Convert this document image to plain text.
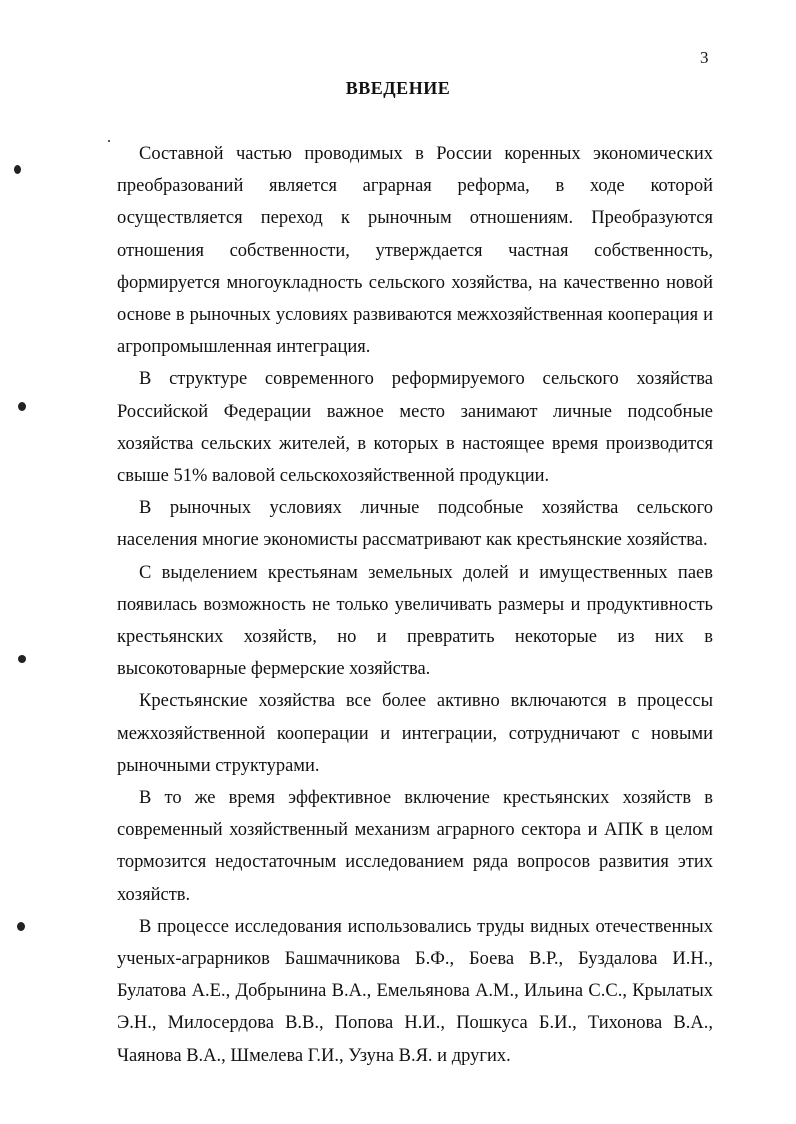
3
ВВЕДЕНИЕ

Составной частью проводимых в России коренных экономических преобразований является аграрная реформа, в ходе которой осуществляется переход к рыночным отношениям. Преобразуются отношения собственности, утверждается частная собственность, формируется многоукладность сельского хозяйства, на качественно новой основе в рыночных условиях развиваются межхозяйственная кооперация и агропромышленная интеграция.

В структуре современного реформируемого сельского хозяйства Российской Федерации важное место занимают личные подсобные хозяйства сельских жителей, в которых в настоящее время производится свыше 51% валовой сельскохозяйственной продукции.

В рыночных условиях личные подсобные хозяйства сельского населения многие экономисты рассматривают как крестьянские хозяйства.

С выделением крестьянам земельных долей и имущественных паев появилась возможность не только увеличивать размеры и продуктивность крестьянских хозяйств, но и превратить некоторые из них в высокотоварные фермерские хозяйства.

Крестьянские хозяйства все более активно включаются в процессы межхозяйственной кооперации и интеграции, сотрудничают с новыми рыночными структурами.

В то же время эффективное включение крестьянских хозяйств в современный хозяйственный механизм аграрного сектора и АПК в целом тормозится недостаточным исследованием ряда вопросов развития этих хозяйств.

В процессе исследования использовались труды видных отечественных ученых-аграрников Башмачникова Б.Ф., Боева В.Р., Буздалова И.Н., Булатова А.Е., Добрынина В.А., Емельянова А.М., Ильина С.С., Крылатых Э.Н., Милосердова В.В., Попова Н.И., Пошкуса Б.И., Тихонова В.А., Чаянова В.А., Шмелева Г.И., Узуна В.Я. и других.
